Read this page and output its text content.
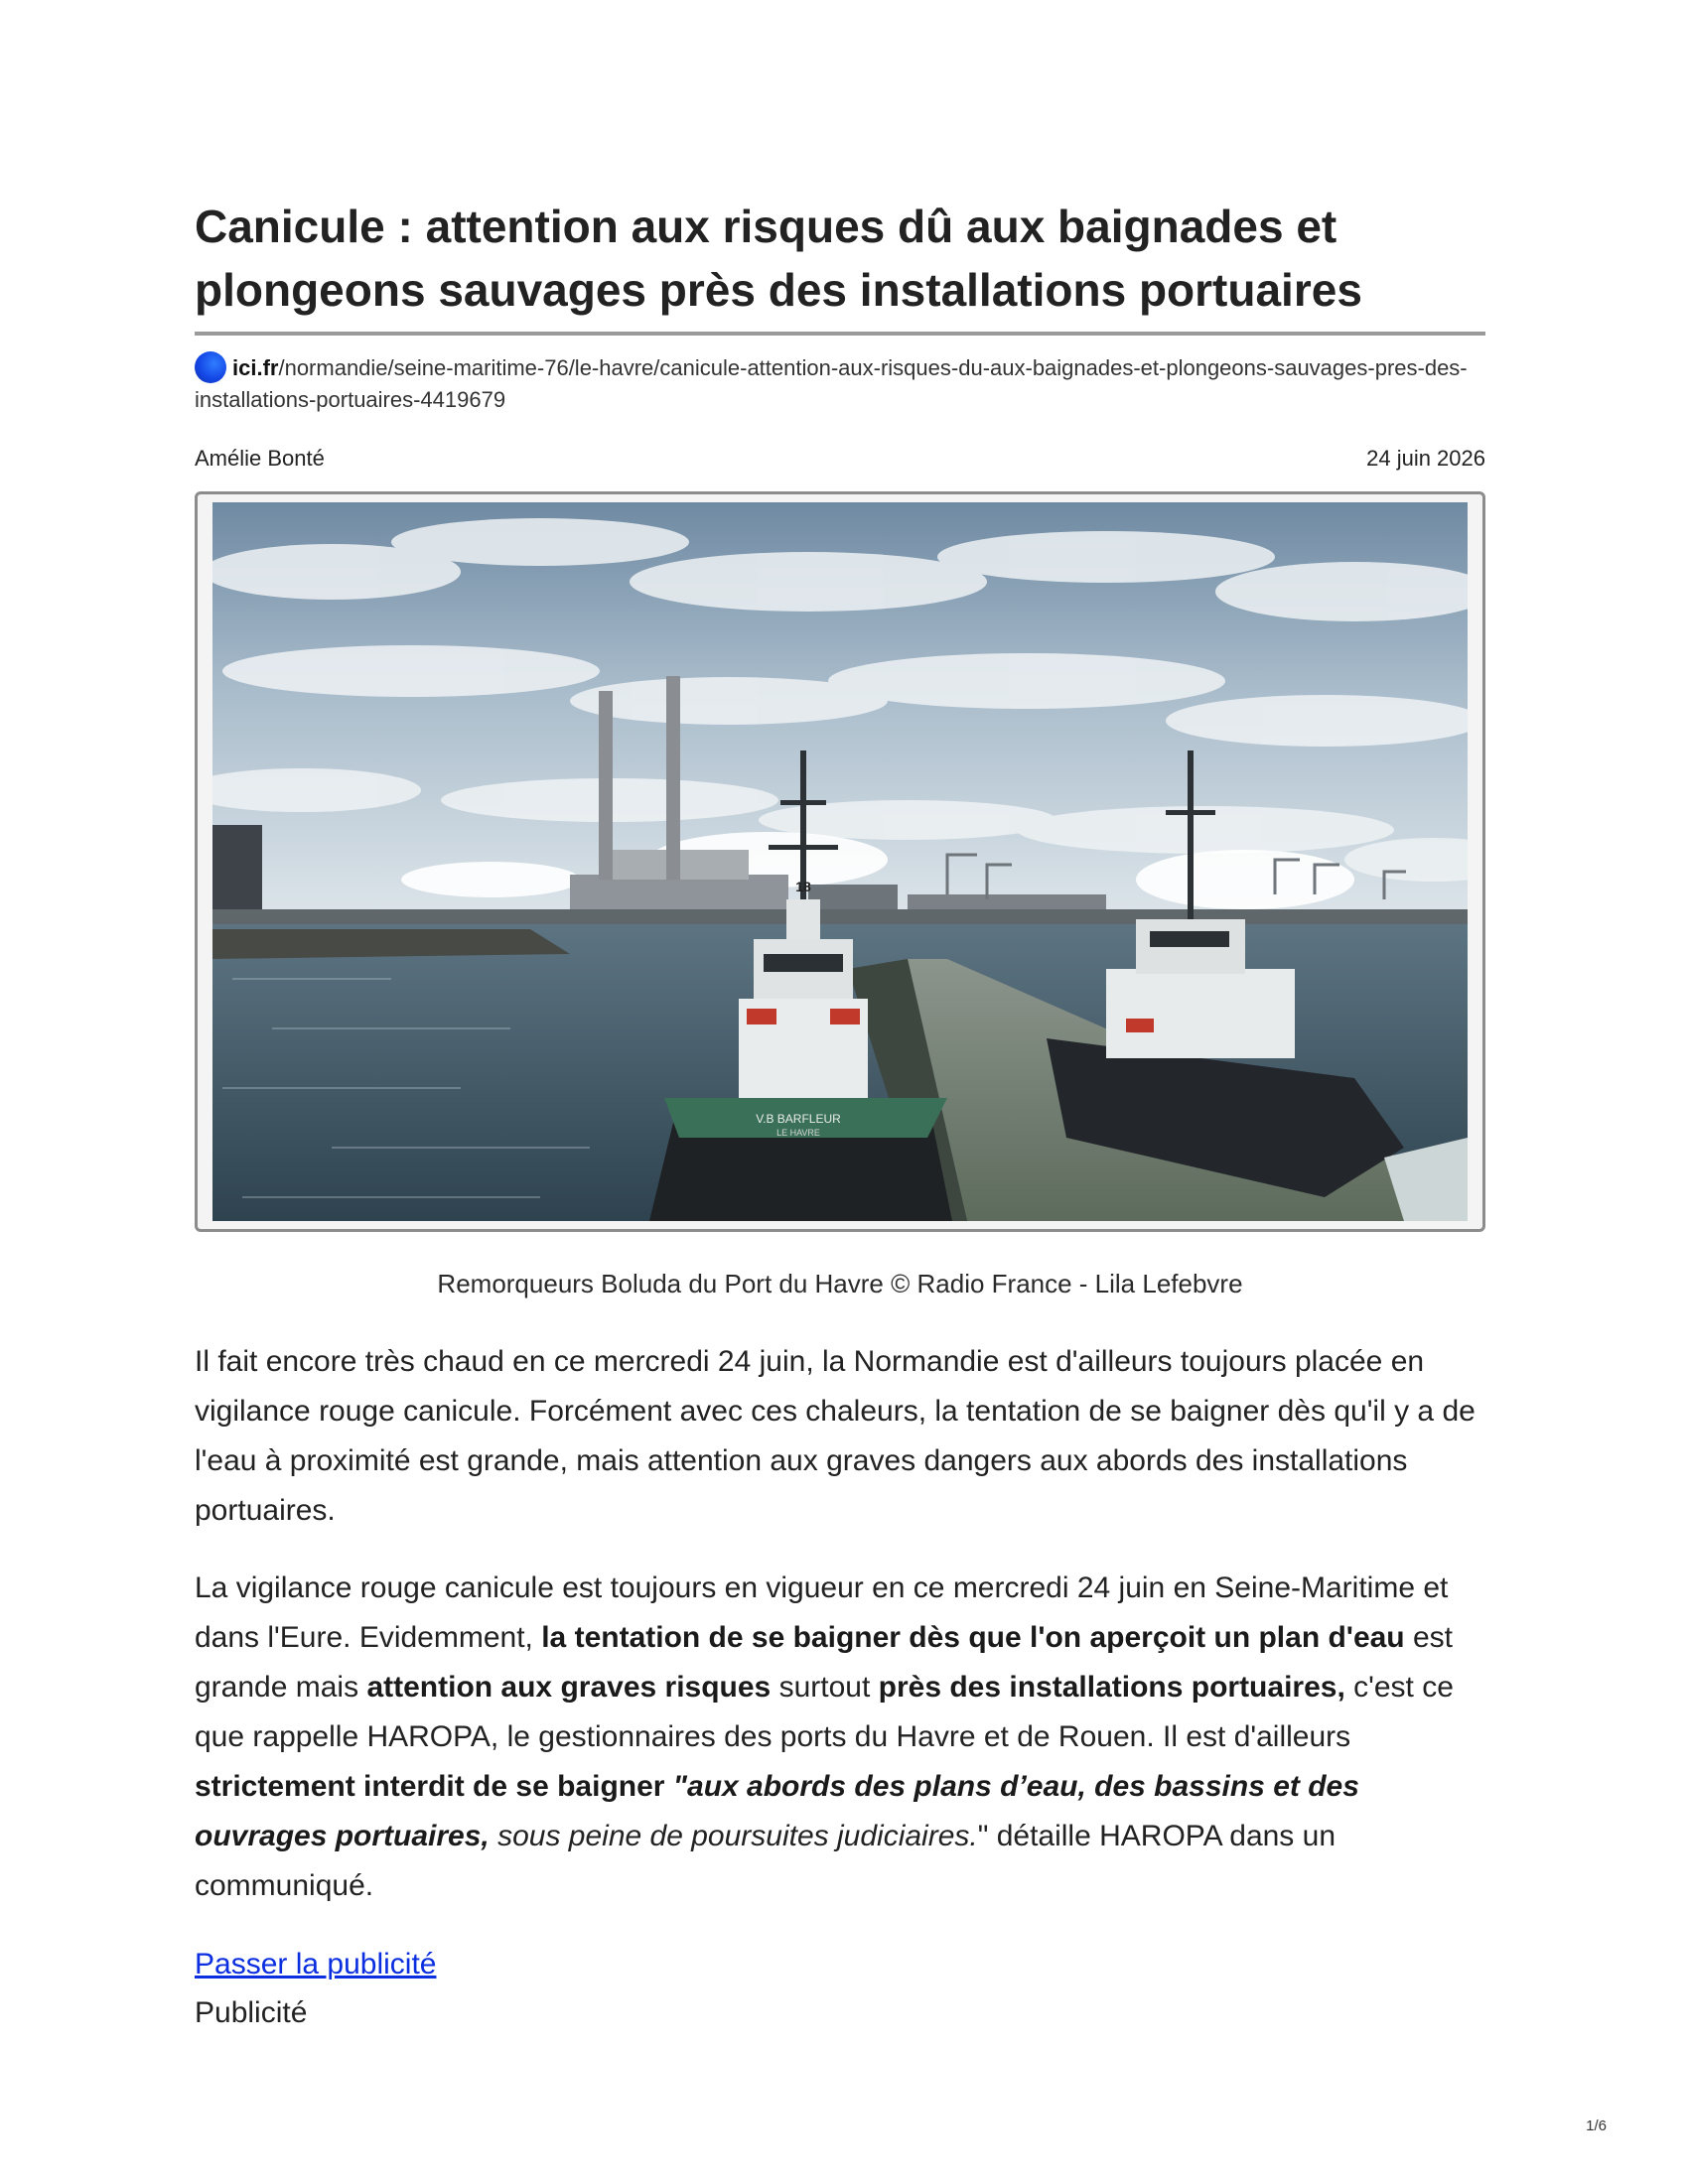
Canicule : attention aux risques dû aux baignades et plongeons sauvages près des installations portuaires
ici.fr/normandie/seine-maritime-76/le-havre/canicule-attention-aux-risques-du-aux-baignades-et-plongeons-sauvages-pres-des-installations-portuaires-4419679
Amélie Bonté	24 juin 2026
V.B BARFLEUR
LE HAVRE
18
Remorqueurs Boluda du Port du Havre © Radio France - Lila Lefebvre

Il fait encore très chaud en ce mercredi 24 juin, la Normandie est d'ailleurs toujours placée en vigilance rouge canicule. Forcément avec ces chaleurs, la tentation de se baigner dès qu'il y a de l'eau à proximité est grande, mais attention aux graves dangers aux abords des installations portuaires.

La vigilance rouge canicule est toujours en vigueur en ce mercredi 24 juin en Seine-Maritime et dans l'Eure. Evidemment, la tentation de se baigner dès que l'on aperçoit un plan d'eau est grande mais attention aux graves risques surtout près des installations portuaires, c'est ce que rappelle HAROPA, le gestionnaires des ports du Havre et de Rouen. Il est d'ailleurs strictement interdit de se baigner "aux abords des plans d’eau, des bassins et des ouvrages portuaires, sous peine de poursuites judiciaires." détaille HAROPA dans un communiqué.

Passer la publicité
Publicité
1/6
